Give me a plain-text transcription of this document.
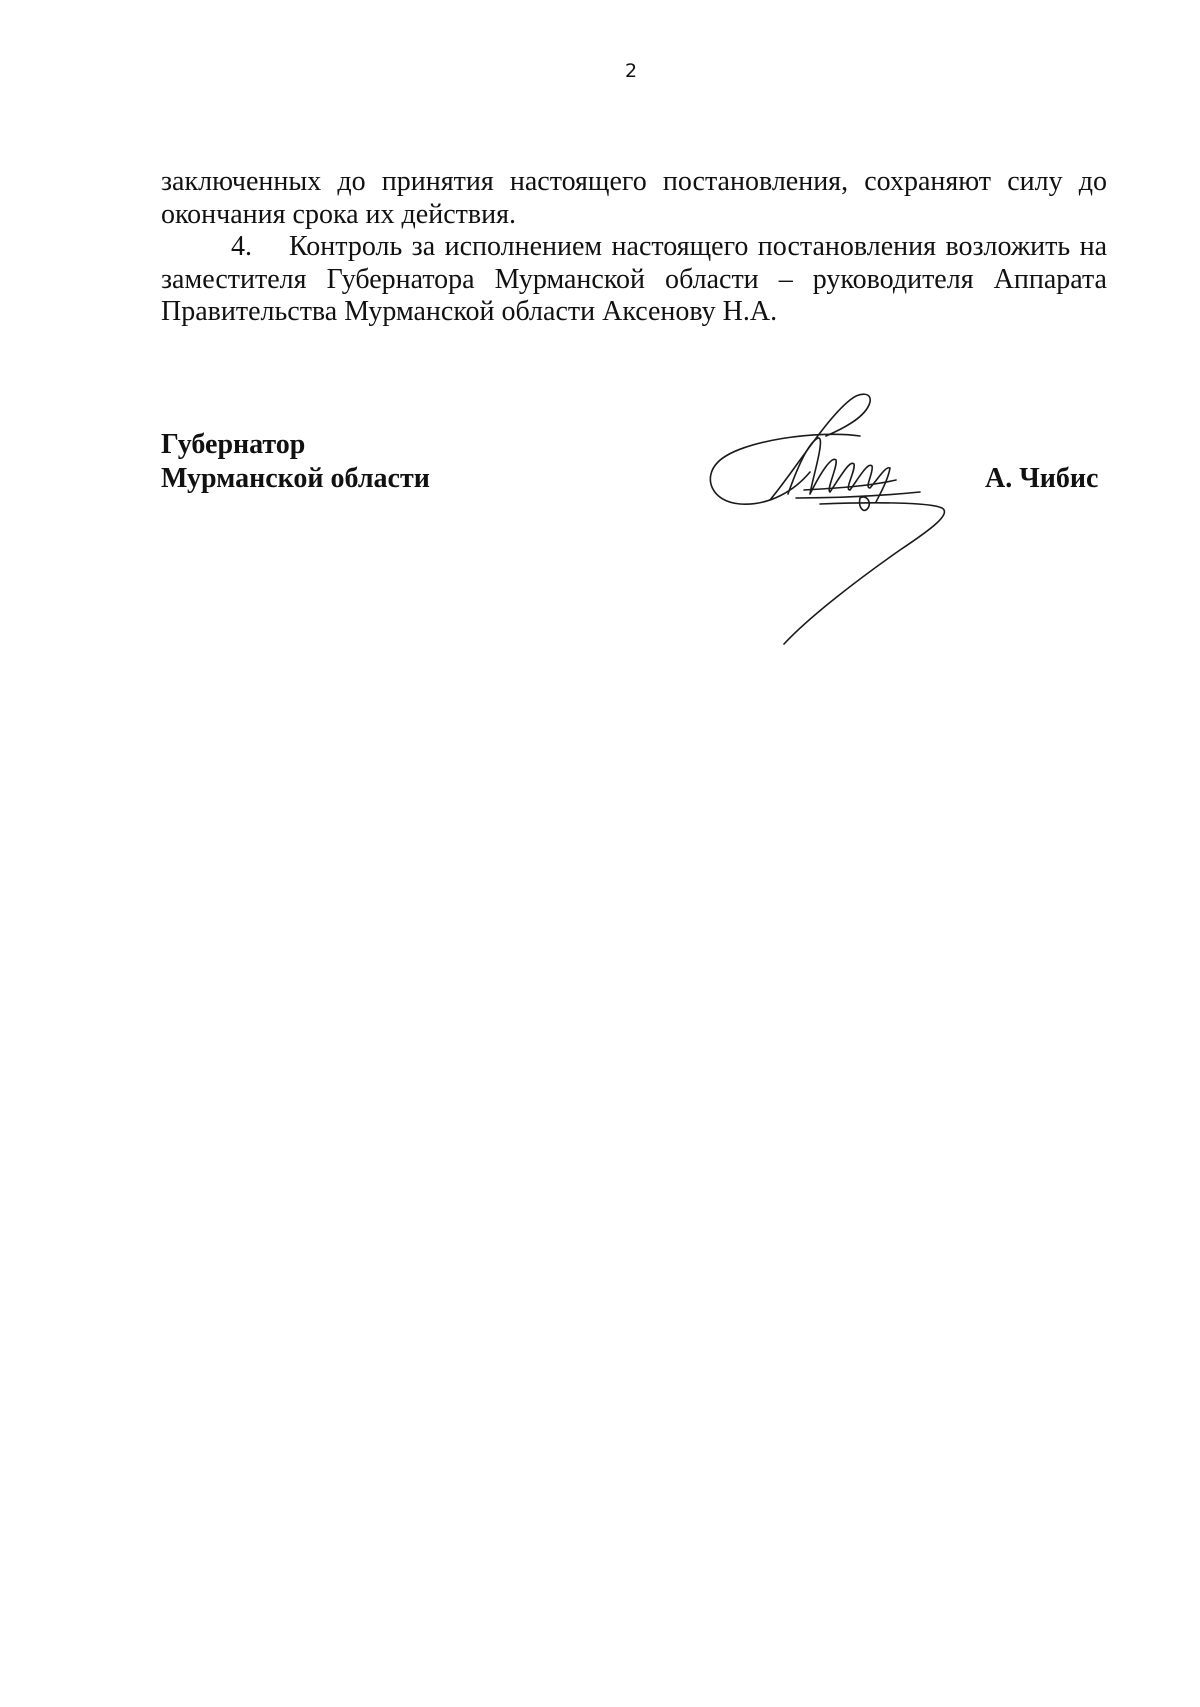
2

заключенных до принятия настоящего постановления, сохраняют силу до окончания срока их действия.

4. Контроль за исполнением настоящего постановления возложить на заместителя Губернатора Мурманской области – руководителя Аппарата Правительства Мурманской области Аксенову Н.А.

Губернатор
Мурманской области	А. Чибис
